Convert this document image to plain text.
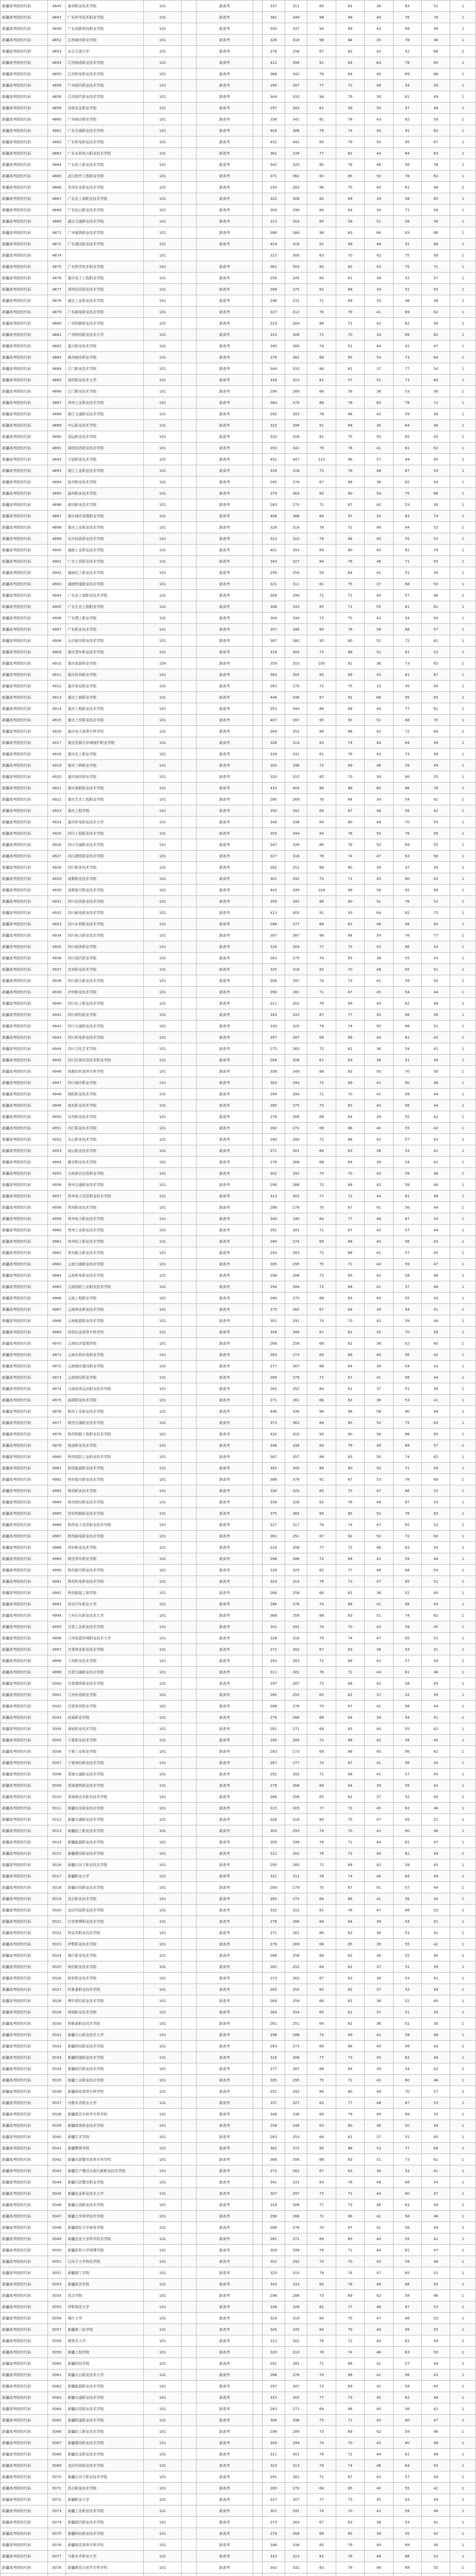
新疆高考院校代码	4845	泰州职业技术学院	101		新高考		337	311	80	62	36	83	51	1
新疆高考院校代码	4847	广东科学技术职业学院	101		新高考		381	349	98	88	40	76	78	1
新疆高考院校代码	4849	广东创新科技职业学院	101		新高考		350	337	94	89	43	89	56	1
新疆高考院校代码	4852	江西城市职业学院	101		新高考		326	318	96	84	35	78	48	1
新疆高考院校代码	4853	东北石油大学	101		新高考		278	256	67	62	42	52	68	1
新疆高考院校代码	4854	江西制造职业技术学院	101		新高考		412	399	91	84	64	78	60	1
新疆高考院校代码	4855	江西机电职业技术学院	101		新高考		368	342	76	84	40	69	66	1
新疆高考院校代码	4856	广州现代职业技术学院	101		新高考		295	287	77	72	48	54	59	1
新疆高考院校代码	4858	江西现代职业技术学院	101		新高考		344	333	94	79	39	81	49	1
新疆高考院校代码	4859	河南农业职业学院	101		新高考		297	283	61	56	50	57	48	1
新疆高考院校代码	4860	广州城市职业学院	101		新高考		358	342	81	78	43	82	59	1
新疆高考院校代码	4861	广东交通职业技术学院	101		新高考		404	388	79	74	44	91	62	1
新疆高考院校代码	4862	广东机电职业技术学院	101		新高考		452	442	85	79	50	95	87	1
新疆高考院校代码	4863	广东水利电力职业技术学院	101		新高考		361	339	77	82	44	84	63	1
新疆高考院校代码	4864	广东轻工职业技术学院	101		新高考		342	320	80	76	46	56	78	1
新疆高考院校代码	4865	武汉软件工程职业学院	101		新高考		371	362	83	85	50	76	62	1
新疆高考院校代码	4866	苏州农业职业技术学院	101		新高考		293	283	96	75	40	61	46	1
新疆高考院校代码	4867	广东农工商职业技术学院	101		新高考		322	308	82	89	39	58	65	1
新疆高考院校代码	4868	广东松山职业技术学院	101		新高考		309	290	80	64	34	71	58	1
新疆高考院校代码	4869	湖北交通职业技术学院	101		新高考		313	304	85	58	51	56	56	1
新疆高考院校代码	4871	广州番禺职业技术学院	101		新高考		388	384	96	63	66	83	66	1
新疆高考院校代码	4872	广东建设职业技术学院	101		新高考		424	419	91	98	48	91	86	1
新疆高考院校代码	4874		101				315	300	63	70	42	75	58	1
新疆高考院校代码	4875	广东科学技术职业学院	101		新高考		361	353	90	82	43	75	71	1
新疆高考院校代码	4876	重庆电子工程职业学院	101		新高考		256	245	80	61	38	52	37	1
新疆高考院校代码	4877	深圳信息职业技术学院	101		新高考		289	275	82	68	34	51	50	1
新疆高考院校代码	4878	湖北工业职业技术学院	101		新高考		246	231	71	69	33	48	38	1
新疆高考院校代码	4879	广东邮电职业技术学院	101		新高考		327	312	76	79	41	69	62	1
新疆高考院校代码	4880	广州铁路职业技术学院	101		新高考		319	304	88	71	42	62	56	1
新疆高考院校代码	4881	广州科技职业技术大学	101		新高考		315	308	71	70	34	69	62	1
新疆高考院校代码	4882	嘉兴职业技术学院	101		新高考		280	264	74	52	44	41	47	1
新疆高考院校代码	4883	惠州城市职业学院	101		新高考		376	362	88	85	54	73	64	1
新疆高考院校代码	4884	江门职业技术学院	101		新高考		344	333	84	81	37	77	54	1
新疆高考院校代码	4885	深圳职业技术大学	101		新高考		339	323	81	57	51	73	60	1
新疆高考院校代码	4886	江门职业技术学院	101		新高考		299	289	66	76	38	53	56	1
新疆高考院校代码	4887	苏州工业职业技术学院	101		新高考		384	374	86	78	60	78	72	1
新疆高考院校代码	4888	浙江交通职业技术学院	101		新高考		292	283	78	66	42	59	38	1
新疆高考院校代码	4889	中山职业技术学院	101		新高考		315	299	91	68	30	64	46	1
新疆高考院校代码	4890	清远职业技术学院	101		新高考		332	316	81	75	50	65	45	1
新疆高考院校代码	4891	深圳信息职业技术学院	101		新高考		350	341	79	78	41	81	62	1
新疆高考院校代码	4892	宁波职业技术学院	101		新高考		452	447	110	96	57	94	90	1
新疆高考院校代码	4893	浙江工业职业技术学院	101		新高考		339	318	73	76	48	67	54	1
新疆高考院校代码	4894	杭州职业技术学院	101		新高考		285	274	67	66	36	62	43	1
新疆高考院校代码	4895	温州职业技术学院	101		新高考		374	363	90	80	50	75	68	1
新疆高考院校代码	4896	黄冈职业技术学院	101		新高考		283	270	71	67	40	53	39	1
新疆高考院校代码	4897	重庆城市管理职业学院	101		新高考		408	388	84	97	50	83	74	1
新疆高考院校代码	4898	重庆工业职业技术学院	101		新高考		328	314	78	72	48	64	52	1
新疆高考院校代码	4899	长沙民政职业技术学院	101		新高考		323	310	79	84	40	55	52	1
新疆高考院校代码	4900	湖南工业职业技术学院	101		新高考		401	393	89	80	65	81	78	1
新疆高考院校代码	4901	广东工贸职业技术学院	101		新高考		343	327	84	76	46	71	50	1
新疆高考院校代码	4902	湖南化工职业技术学院	101		新高考		256	254	59	64	41	51	39	1
新疆高考院校代码	4903	湖南铁道职业技术学院	101		新高考		321	311	81	75	37	68	50	1
新疆高考院校代码	4904	广东农工商职业技术学院	101		新高考		309	290	72	71	44	57	46	1
新疆高考院校代码	4905	广东生态工程职业学院	101		新高考		346	333	85	71	55	61	61	1
新疆高考院校代码	4906	广东理工职业学院	101		新高考		304	294	73	75	42	54	50	1
新疆高考院校代码	4907	广东职业技术学院	101		新高考		357	346	85	78	58	68	57	1
新疆高考院校代码	4908	长沙航空职业技术学院	101		新高考		387	380	95	80	52	72	81	1
新疆高考院校代码	4909	重庆青年职业技术学院	101		新高考		318	304	73	66	52	61	52	1
新疆高考院校代码	4910	重庆旅游职业学院	104		新高考		359	353	100	81	36	73	63	1
新疆高考院校代码	4911	重庆科创职业学院	101		新高考		363	355	95	89	43	61	67	1
新疆高考院校代码	4912	重庆电信职业学院	101		新高考		283	270	72	75	33	45	45	1
新疆高考院校代码	4913	重庆工商职业学院	101		新高考		448	436	97	91	68	95	85	1
新疆高考院校代码	4914	重庆工程职业技术学院	101		新高考		353	344	88	69	49	77	61	1
新疆高考院校代码	4915	重庆工贸职业技术学院	101		新高考		407	397	95	93	51	88	70	1
新疆高考院校代码	4916	重庆电力高等专科学校	101		新高考		364	352	86	88	42	72	64	1
新疆高考院校代码	4917	重庆资源与环境保护职业学院	101		新高考		326	314	83	74	44	64	49	1
新疆高考院校代码	4918	重庆化工职业学院	101		新高考		339	331	81	76	43	73	58	1
新疆高考院校代码	4919	重庆三峡职业学院	101		新高考		305	296	73	69	46	59	49	1
新疆高考院校代码	4920	重庆城市职业学院	101		新高考		320	315	85	70	39	66	55	1
新疆高考院校代码	4921	重庆海联职业技术学院	101		新高考		410	404	96	86	60	86	76	1
新疆高考院校代码	4922	重庆艺术工程职业学院	101		新高考		280	269	76	64	34	54	41	1
新疆高考院校代码	4923	重庆工程学院	101		新高考		292	282	69	67	48	56	42	1
新疆高考院校代码	4924	重庆机电职业技术大学	101		新高考		348	338	84	80	49	70	55	1
新疆高考院校代码	4925	四川工程职业技术学院	101		新高考		350	344	84	78	50	76	56	1
新疆高考院校代码	4926	四川交通职业技术学院	101		新高考		347	339	86	79	50	69	55	1
新疆高考院校代码	4927	四川建筑职业技术学院	101		新高考		327	318	78	74	47	63	56	1
新疆高考院校代码	4928	四川职业技术学院	101		新高考		262	251	66	60	39	47	39	1
新疆高考院校代码	4929	成都职业技术学院	101		新高考		301	292	73	71	45	60	43	1
新疆高考院校代码	4930	成都航空职业技术学院	101		新高考		443	439	104	98	56	92	89	1
新疆高考院校代码	4931	四川信息职业技术学院	101		新高考		359	345	86	80	51	76	52	1
新疆高考院校代码	4932	四川邮电职业技术学院	101		新高考		413	405	91	93	64	82	75	1
新疆高考院校代码	4933	四川水利职业技术学院	101		新高考		288	277	68	62	46	56	45	1
新疆高考院校代码	4934	四川电力职业技术学院	101		新高考		397	387	96	84	54	76	77	1
新疆高考院校代码	4935	四川商务职业学院	101		新高考		316	304	77	75	43	66	43	1
新疆高考院校代码	4936	四川现代职业学院	101		新高考		283	275	74	65	38	55	43	1
新疆高考院校代码	4937	宜宾职业技术学院	101		新高考		325	316	82	70	48	65	51	1
新疆高考院校代码	4938	四川航天职业技术学院	101		新高考		306	297	74	73	41	59	50	1
新疆高考院校代码	4939	泸州职业技术学院	101		新高考		290	281	71	67	45	54	44	1
新疆高考院校代码	4940	四川化工职业技术学院	101		新高考		311	302	78	69	44	62	49	1
新疆高考院校代码	4941	四川财经职业学院	101		新高考		343	333	87	77	45	68	56	1
新疆高考院校代码	4942	四川交通职业技术学院	101		新高考		330	320	79	74	50	66	51	1
新疆高考院校代码	4943	四川机电职业技术学院	101		新高考		297	287	69	68	44	61	45	1
新疆高考院校代码	4944	四川文化艺术学院	101		新高考		275	265	72	62	36	54	41	1
新疆高考院校代码	4945	四川托普信息技术职业学院	101		新高考		268	258	67	63	38	51	39	1
新疆高考院校代码	4946	成都纺织高等专科学校	101		新高考		358	349	88	83	50	70	58	1
新疆高考院校代码	4947	四川城市职业学院	101		新高考		303	294	75	69	42	60	48	1
新疆高考院校代码	4948	绵阳职业技术学院	101		新高考		294	284	71	70	41	58	44	1
新疆高考院校代码	4949	南充职业技术学院	101		新高考		285	275	70	65	40	56	44	1
新疆高考院校代码	4950	达州职业技术学院	101		新高考		278	268	68	64	39	55	42	1
新疆高考院校代码	4951	内江职业技术学院	101		新高考		282	272	69	66	40	55	42	1
新疆高考院校代码	4952	乐山职业技术学院	101		新高考		290	280	72	66	42	57	43	1
新疆高考院校代码	4953	眉山职业技术学院	101		新高考		271	261	66	63	38	53	41	1
新疆高考院校代码	4954	雅安职业技术学院	101		新高考		276	266	68	64	39	54	41	1
新疆高考院校代码	4955	天府新区信息职业学院	101		新高考		302	292	74	70	43	59	46	1
新疆高考院校代码	4956	贵州交通职业技术学院	101		新高考		296	286	72	68	42	58	46	1
新疆高考院校代码	4957	贵州电子信息职业技术学院	101		新高考		312	302	77	72	44	61	48	1
新疆高考院校代码	4958	贵州职业技术学院	101		新高考		288	278	70	67	41	56	44	1
新疆高考院校代码	4959	贵州电力职业技术学院	101		新高考		340	330	84	77	48	67	54	1
新疆高考院校代码	4960	贵州工业职业技术学院	101		新高考		291	281	71	67	42	57	44	1
新疆高考院校代码	4961	贵州轻工职业技术学院	101		新高考		284	274	69	66	40	56	43	1
新疆高考院校代码	4962	贵州航天职业技术学院	101		新高考		293	283	72	68	41	57	45	1
新疆高考院校代码	4963	云南交通职业技术学院	101		新高考		305	295	75	71	43	59	47	1
新疆高考院校代码	4964	云南机电职业技术学院	101		新高考		298	288	73	69	42	58	46	1
新疆高考院校代码	4965	云南国防工业职业技术学院	101		新高考		294	284	72	68	41	57	46	1
新疆高考院校代码	4966	云南工程职业学院	101		新高考		280	270	68	65	40	55	42	1
新疆高考院校代码	4967	云南林业职业技术学院	101		新高考		275	265	67	64	39	54	41	1
新疆高考院校代码	4968	云南能源职业技术学院	101		新高考		301	291	74	70	42	59	46	1
新疆高考院校代码	4969	昆明冶金高等专科学校	101		新高考		356	346	87	81	50	70	58	1
新疆高考院校代码	4970	云南经济管理学院	101		新高考		268	258	66	62	38	52	40	1
新疆高考院校代码	4971	云南水利水电职业学院	101		新高考		283	273	69	66	40	56	42	1
新疆高考院校代码	4972	云南城市建设职业学院	101		新高考		277	267	68	64	39	54	42	1
新疆高考院校代码	4973	云南财经职业学院	101		新高考		289	279	71	67	41	56	44	1
新疆高考院校代码	4974	云南体育运动职业技术学院	101		新高考		262	252	64	61	37	51	39	1
新疆高考院校代码	4975	曲靖职业技术学院	101		新高考		271	261	66	63	38	53	41	1
新疆高考院校代码	4976	陕西工业职业技术学院	101		新高考		446	436	96	98	58	90	94	1
新疆高考院校代码	4977	陕西交通职业技术学院	101		新高考		373	363	88	85	52	75	63	1
新疆高考院校代码	4978	陕西铁路工程职业技术学院	101		新高考		420	410	93	90	56	86	85	1
新疆高考院校代码	4979	杨凌职业技术学院	101		新高考		348	338	84	79	49	69	57	1
新疆高考院校代码	4980	陕西国防工业职业技术学院	101		新高考		367	357	88	83	50	74	62	1
新疆高考院校代码	4981	陕西能源职业技术学院	101		新高考		355	345	86	80	50	71	58	1
新疆高考院校代码	4982	西安航空职业技术学院	101		新高考		388	378	91	87	53	78	69	1
新疆高考院校代码	4983	陕西职业技术学院	101		新高考		330	320	80	75	47	66	52	1
新疆高考院校代码	4984	陕西财经职业技术学院	101		新高考		336	326	82	76	48	67	53	1
新疆高考院校代码	4985	西安铁路职业技术学院	101		新高考		375	365	89	85	52	76	63	1
新疆高考院校代码	4986	陕西电子信息职业技术学院	101		新高考		327	317	79	74	47	65	52	1
新疆高考院校代码	4987	陕西邮电职业技术学院	101		新高考		361	351	87	82	50	72	60	1
新疆高考院校代码	4988	西安职业技术学院	101		新高考		318	308	77	72	46	63	50	1
新疆高考院校代码	4989	陕西青年职业学院	101		新高考		296	286	72	68	43	59	44	1
新疆高考院校代码	4990	陕西航空职业技术学院	101		新高考		339	329	82	77	48	68	54	1
新疆高考院校代码	4991	陕西机电职业技术学院	101		新高考		324	314	78	73	47	65	51	1
新疆高考院校代码	4992	陕西服装工程学院	101		新高考		268	258	66	62	38	52	40	1
新疆高考院校代码	4993	西安汽车职业大学	101		新高考		286	276	70	66	41	56	43	1
新疆高考院校代码	4994	兰州石化职业技术大学	101		新高考		368	358	88	83	51	74	62	1
新疆高考院校代码	4995	甘肃工业职业技术学院	101		新高考		301	291	74	70	43	59	45	1
新疆高考院校代码	4996	兰州资源环境职业技术大学	101		新高考		326	316	79	74	47	65	51	1
新疆高考院校代码	4997	甘肃林业职业技术学院	101		新高考		272	262	67	63	38	53	41	1
新疆高考院校代码	4998	兰州职业技术学院	101		新高考		293	283	72	68	42	57	44	1
新疆高考院校代码	4999	甘肃交通职业技术学院	101		新高考		311	301	76	72	44	61	48	1
新疆高考院校代码	5000	甘肃建筑职业技术学院	101		新高考		297	287	73	69	42	58	45	1
新疆高考院校代码	5001	兰州外语职业学院	101		新高考		265	255	65	62	37	52	39	1
新疆高考院校代码	5002	甘肃财贸职业学院	101		新高考		288	278	70	67	41	56	44	1
新疆高考院校代码	5003	武威职业学院	101		新高考		276	266	68	64	39	54	41	1
新疆高考院校代码	5004	酒泉职业技术学院	101		新高考		281	271	69	65	40	55	42	1
新疆高考院校代码	5005	宁夏职业技术学院	101		新高考		295	285	72	68	42	58	45	1
新疆高考院校代码	5006	宁夏工业职业学院	101		新高考		283	273	69	66	40	56	42	1
新疆高考院校代码	5007	宁夏财经职业技术学院	101		新高考		287	277	70	67	41	56	43	1
新疆高考院校代码	5008	青海交通职业技术学院	101		新高考		292	282	71	68	41	57	45	1
新疆高考院校代码	5009	青海建筑职业技术学院	101		新高考		278	268	68	64	39	55	42	1
新疆高考院校代码	5010	青海柴达木职业技术学院	101		新高考		266	256	65	62	37	52	40	1
新疆高考院校代码	5011	新疆农业职业技术学院	101		新高考		315	305	77	73	45	62	48	1
新疆高考院校代码	5012	新疆交通职业技术学院	101		新高考		328	318	80	75	47	65	51	1
新疆高考院校代码	5013	新疆轻工职业技术学院	101		新高考		303	293	74	70	43	60	46	1
新疆高考院校代码	5014	新疆能源职业技术学院	101		新高考		309	299	76	71	44	61	47	1
新疆高考院校代码	5015	新疆建设职业技术学院	101		新高考		312	302	76	72	44	61	49	1
新疆高考院校代码	5016	新疆石河子职业技术学院	101		新高考		295	285	72	68	42	58	45	1
新疆高考院校代码	5017	新疆职业大学	101		新高考		321	311	78	74	46	64	49	1
新疆高考院校代码	5018	新疆应用职业技术学院	101		新高考		289	279	70	67	41	57	44	1
新疆高考院校代码	5019	昌吉职业技术学院	101		新高考		285	275	69	66	41	56	43	1
新疆高考院校代码	5020	克拉玛依职业技术学院	101		新高考		332	322	81	76	47	66	52	1
新疆高考院校代码	5021	巴音郭楞职业技术学院	101		新高考		276	266	68	64	39	54	41	1
新疆高考院校代码	5022	阿克苏职业技术学院	101		新高考		271	261	66	63	38	53	41	1
新疆高考院校代码	5023	伊犁职业技术学院	101		新高考		279	269	68	65	39	55	42	1
新疆高考院校代码	5024	喀什职业技术学院	101		新高考		268	258	66	62	38	52	40	1
新疆高考院校代码	5025	和田职业技术学院	101		新高考		262	252	64	61	37	51	39	1
新疆高考院校代码	5026	哈密职业技术学院	101		新高考		273	263	67	63	38	53	41	1
新疆高考院校代码	5027	吐鲁番职业技术学院	101		新高考		265	255	65	62	37	52	39	1
新疆高考院校代码	5028	博尔塔拉职业技术学院	101		新高考		269	259	66	62	38	52	40	1
新疆高考院校代码	5029	塔城职业技术学院	101		新高考		264	254	65	61	37	51	39	1
新疆高考院校代码	5030	阿勒泰职业技术学院	101		新高考		261	251	64	61	36	51	39	1
新疆高考院校代码	5031	新疆天山职业技术大学	101		新高考		298	288	73	69	42	58	46	1
新疆高考院校代码	5032	新疆科技职业技术学院	101		新高考		283	273	69	66	40	56	42	1
新疆高考院校代码	5033	新疆铁道职业技术学院	101		新高考		316	306	77	73	45	62	48	1
新疆高考院校代码	5034	新疆现代职业技术学院	101		新高考		277	267	68	64	39	54	42	1
新疆高考院校代码	5035	新疆工业职业技术学院	101		新高考		305	295	75	71	43	60	46	1
新疆高考院校代码	5036	新疆师范高等专科学校	101		新高考		352	342	86	80	49	70	57	1
新疆高考院校代码	5037	乌鲁木齐职业大学	101		新高考		337	327	82	77	48	67	53	1
新疆高考院校代码	5038	新疆维吾尔医学专科学校	101		新高考		346	336	84	79	49	69	55	1
新疆高考院校代码	5039	新疆体育职业技术学院	101		新高考		258	248	63	60	36	50	39	1
新疆高考院校代码	5040	新疆艺术学院	101		新高考		263	253	64	61	37	51	40	1
新疆高考院校代码	5041	新疆警察学院	101		新高考		382	372	90	86	53	77	66	1
新疆高考院校代码	5042	新疆兵团警官高等专科学校	101		新高考		366	356	88	83	51	73	61	1
新疆高考院校代码	5043	新疆生产建设兵团兴新职业技术学院	101		新高考		272	262	67	63	38	53	41	1
新疆高考院校代码	5044	新疆司法警官职业学院	101		新高考		341	331	83	78	48	68	54	1
新疆高考院校代码	5045	新疆农业职业技术大学	101		新高考		307	297	75	71	44	60	47	1
新疆高考院校代码	5046	新疆石油职业技术学院	101		新高考		318	308	77	73	46	63	49	1
新疆高考院校代码	5047	新疆大学科学技术学院	101		新高考		296	286	72	68	42	58	46	1
新疆高考院校代码	5048	新疆财经大学商务学院	101		新高考		288	278	70	67	41	56	44	1
新疆高考院校代码	5049	新疆农业大学科学技术学院	101		新高考		281	271	69	65	40	55	42	1
新疆高考院校代码	5050	新疆医科大学厚博学院	101		新高考		309	299	76	71	44	61	47	1
新疆高考院校代码	5051	石河子大学科技学院	101		新高考		302	292	74	70	43	59	46	1
新疆高考院校代码	5052	新疆理工学院	101		新高考		325	315	79	74	47	65	51	1
新疆高考院校代码	5053	新疆政法学院	101		新高考		343	333	83	78	49	68	55	1
新疆高考院校代码	5054	昌吉学院	101		新高考		298	288	73	69	42	58	46	1
新疆高考院校代码	5055	伊犁师范大学	101		新高考		336	326	82	77	48	67	53	1
新疆高考院校代码	5056	喀什大学	101		新高考		329	319	80	75	47	66	52	1
新疆高考院校代码	5057	新疆第二医学院	101		新高考		345	335	84	79	49	69	55	1
新疆高考院校代码	5058	塔里木大学	101		新高考		312	302	76	72	44	62	49	1
新疆高考院校代码	5059	新疆工程学院	101		新高考		320	310	78	74	46	63	50	1
新疆高考院校代码	5060	新疆科技学院	101		新高考		291	281	71	68	41	57	44	1
新疆高考院校代码	5061	新疆天山职业技术大学	101		新高考		286	276	70	66	41	56	43	1
新疆高考院校代码	5062	新疆能源职业技术学院	101		新高考		297	287	73	69	42	58	45	1
新疆高考院校代码	5063	新疆交通职业技术学院	101		新高考		315	305	77	73	45	62	48	1
新疆高考院校代码	5064	新疆应用职业技术学院	101		新高考		283	273	69	66	40	56	42	1
新疆高考院校代码	5065	新疆铁道职业技术学院	101		新高考		306	296	75	71	43	60	47	1
新疆高考院校代码	5066	新疆轻工职业技术学院	101		新高考		299	289	73	69	42	59	46	1
新疆高考院校代码	5067	新疆建设职业技术学院	101		新高考		304	294	74	70	43	60	46	1
新疆高考院校代码	5068	新疆农业职业技术学院	101		新高考		311	301	76	72	44	61	48	1
新疆高考院校代码	5069	克拉玛依职业技术学院	101		新高考		323	313	79	74	46	64	50	1
新疆高考院校代码	5070	新疆石河子职业技术学院	101		新高考		291	281	71	67	42	57	44	1
新疆高考院校代码	5071	昌吉职业技术学院	101		新高考		280	270	68	65	40	55	42	1
新疆高考院校代码	5072	新疆职业大学	101		新高考		317	307	77	73	45	63	49	1
新疆高考院校代码	5073	新疆工业职业技术学院	101		新高考		301	291	74	70	43	59	46	1
新疆高考院校代码	5074	新疆现代职业技术学院	101		新高考		273	263	67	63	38	53	41	1
新疆高考院校代码	5075	新疆科技职业技术学院	101		新高考		279	269	68	65	39	55	42	1
新疆高考院校代码	5076	新疆师范高等专科学校	101		新高考		348	338	85	79	49	69	56	1
新疆高考院校代码	5077	乌鲁木齐职业大学	101		新高考		333	323	81	76	48	66	52	1
新疆高考院校代码	5078	新疆维吾尔医学专科学校	101		新高考		342	332	83	78	48	68	55	1
